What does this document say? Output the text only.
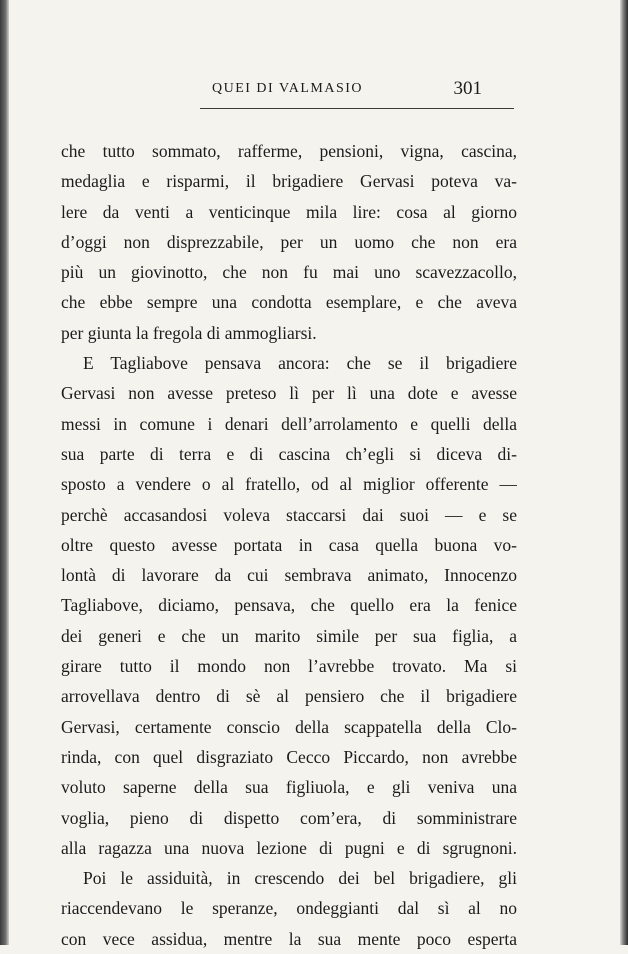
QUEI DI VALMASIO	301
che tutto sommato, rafferme, pensioni, vigna, cascina,
medaglia e risparmi, il brigadiere Gervasi poteva va-
lere da venti a venticinque mila lire: cosa al giorno
d’oggi non disprezzabile, per un uomo che non era
più un giovinotto, che non fu mai uno scavezzacollo,
che ebbe sempre una condotta esemplare, e che aveva
per giunta la fregola di ammogliarsi.
E Tagliabove pensava ancora: che se il brigadiere
Gervasi non avesse preteso lì per lì una dote e avesse
messi in comune i denari dell’arrolamento e quelli della
sua parte di terra e di cascina ch’egli si diceva di-
sposto a vendere o al fratello, od al miglior offerente —
perchè accasandosi voleva staccarsi dai suoi — e se
oltre questo avesse portata in casa quella buona vo-
lontà di lavorare da cui sembrava animato, Innocenzo
Tagliabove, diciamo, pensava, che quello era la fenice
dei generi e che un marito simile per sua figlia, a
girare tutto il mondo non l’avrebbe trovato. Ma si
arrovellava dentro di sè al pensiero che il brigadiere
Gervasi, certamente conscio della scappatella della Clo-
rinda, con quel disgraziato Cecco Piccardo, non avrebbe
voluto saperne della sua figliuola, e gli veniva una
voglia, pieno di dispetto com’era, di somministrare
alla ragazza una nuova lezione di pugni e di sgrugnoni.
Poi le assiduità, in crescendo dei bel brigadiere, gli
riaccendevano le speranze, ondeggianti dal sì al no
con vece assidua, mentre la sua mente poco esperta
